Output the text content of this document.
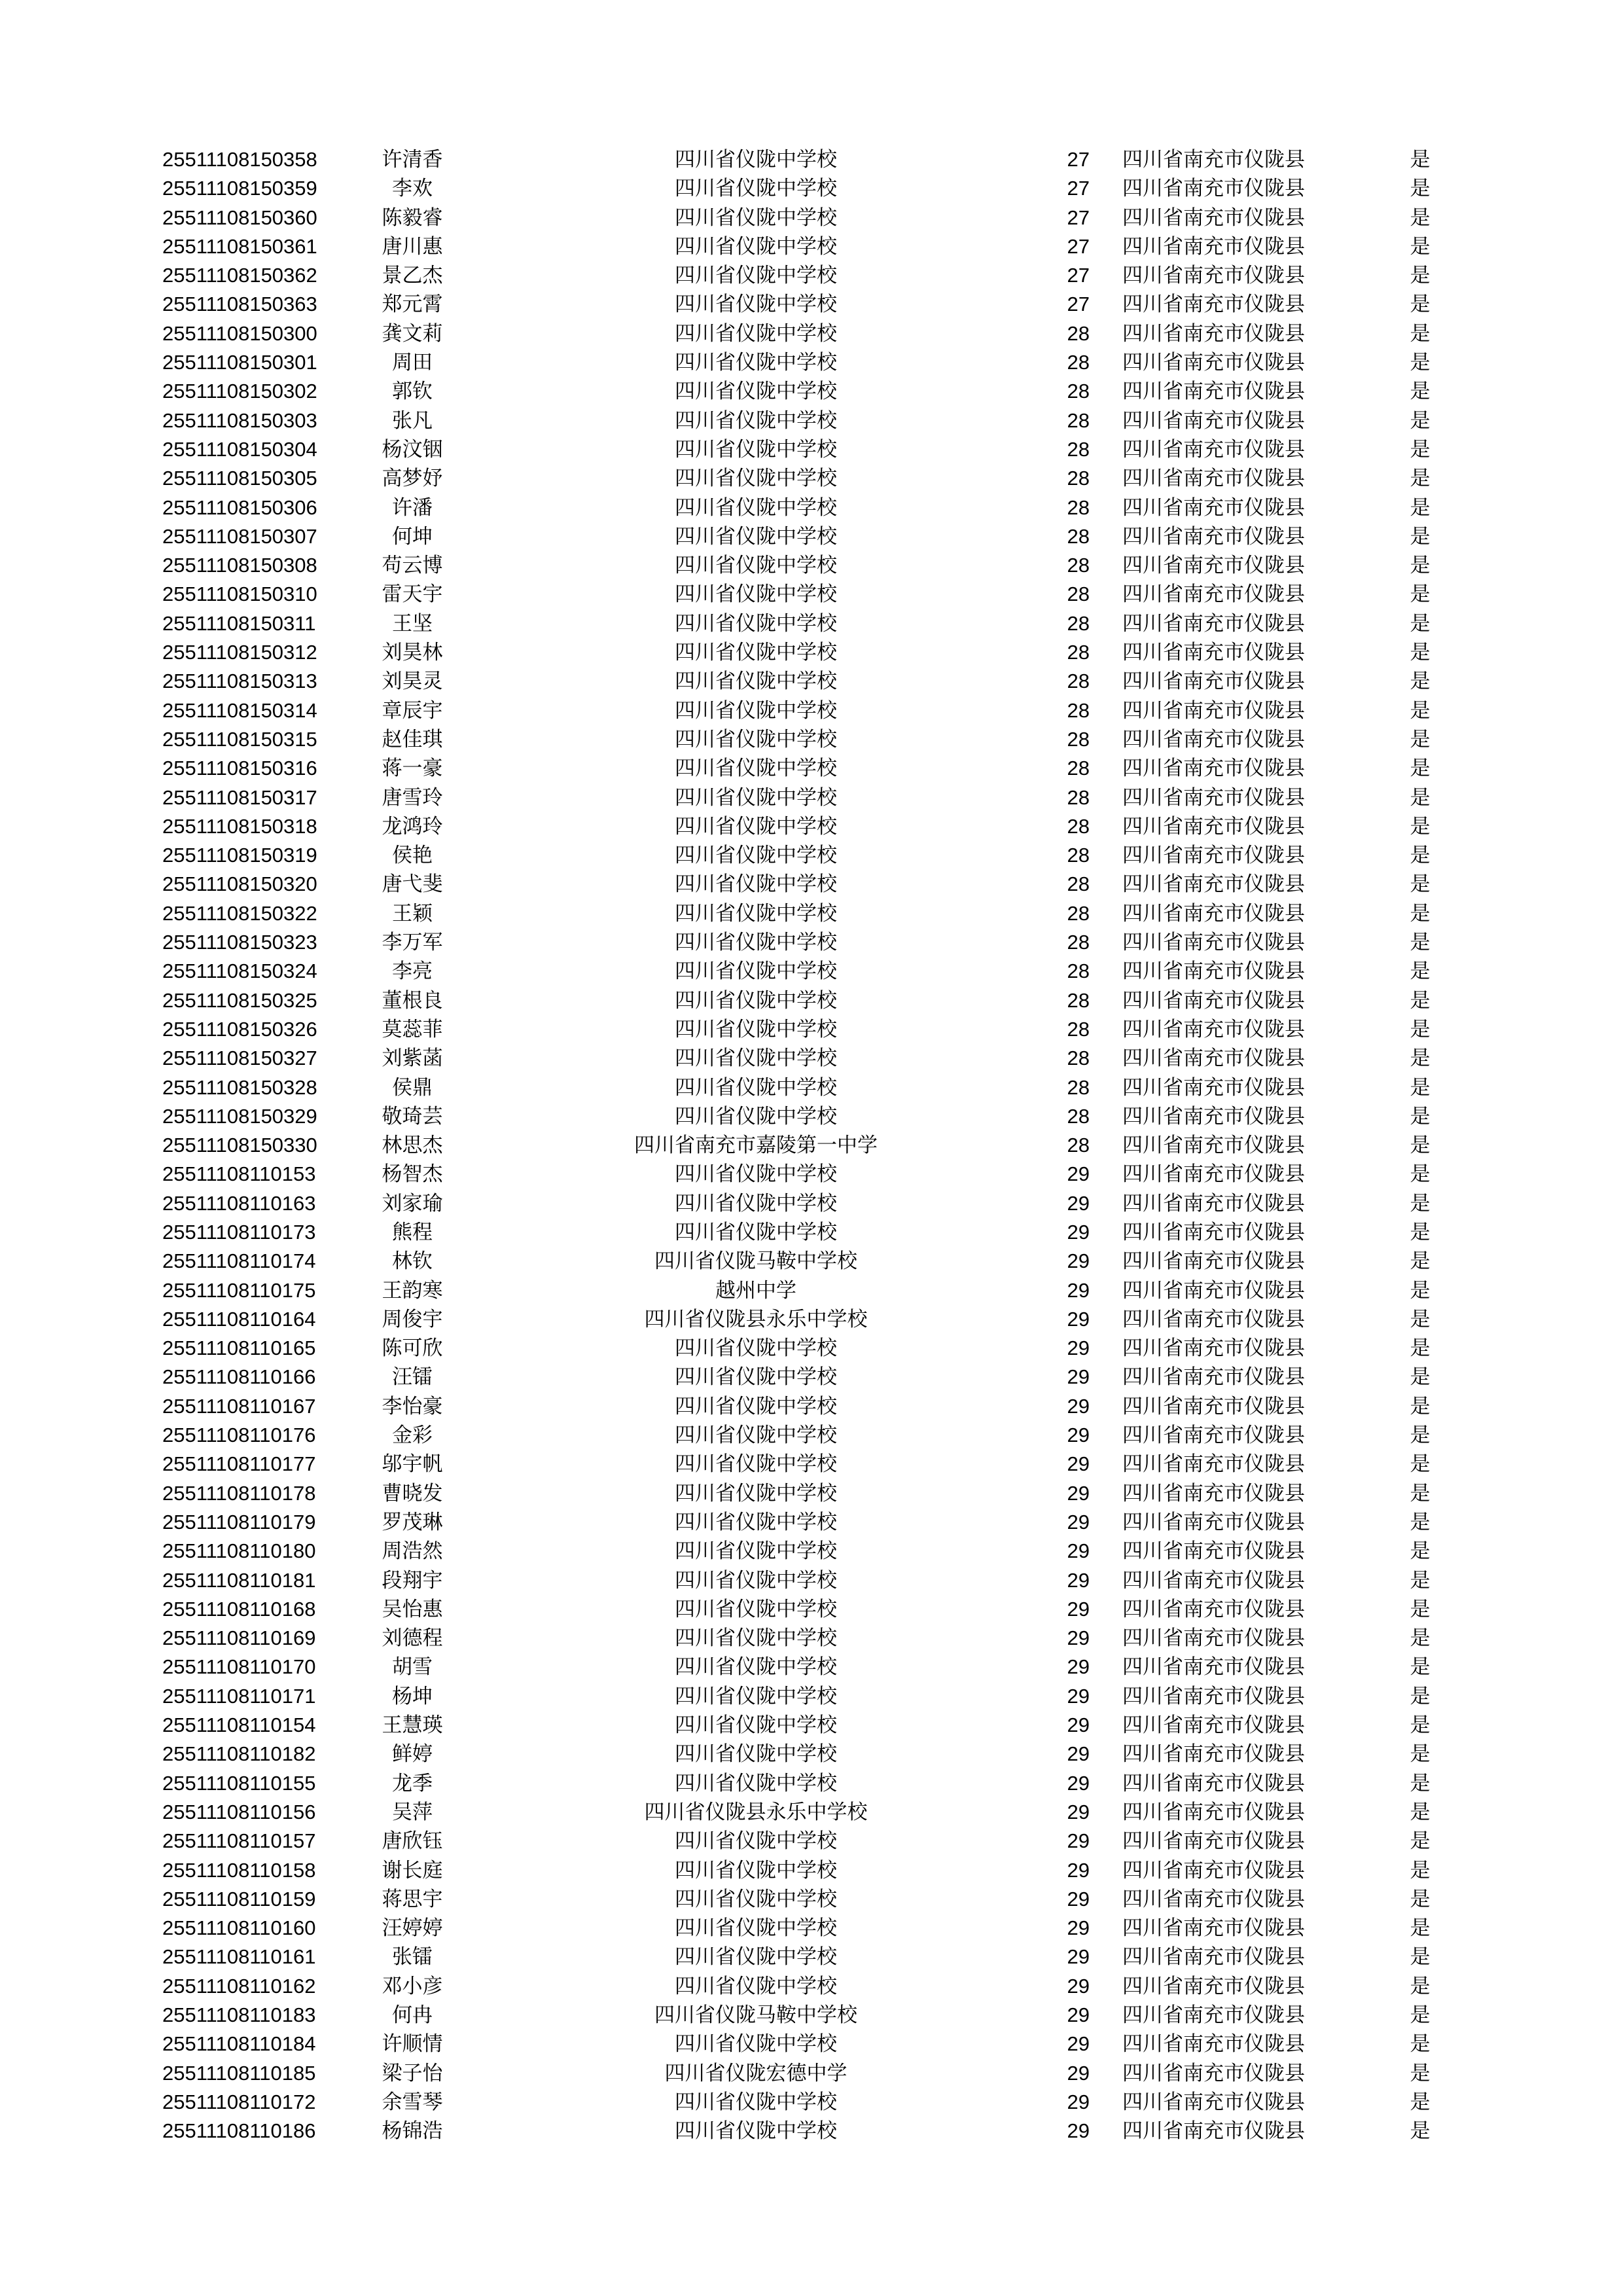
25511108150358	许清香	四川省仪陇中学校	27 四川省南充市仪陇县	是
25511108150359	李欢	四川省仪陇中学校	27 四川省南充市仪陇县	是
25511108150360	陈毅睿	四川省仪陇中学校	27 四川省南充市仪陇县	是
25511108150361	唐川惠	四川省仪陇中学校	27 四川省南充市仪陇县	是
25511108150362	景乙杰	四川省仪陇中学校	27 四川省南充市仪陇县	是
25511108150363	郑元霄	四川省仪陇中学校	27 四川省南充市仪陇县	是
25511108150300	龚文莉	四川省仪陇中学校	28 四川省南充市仪陇县	是
25511108150301	周田	四川省仪陇中学校	28 四川省南充市仪陇县	是
25511108150302	郭钦	四川省仪陇中学校	28 四川省南充市仪陇县	是
25511108150303	张凡	四川省仪陇中学校	28 四川省南充市仪陇县	是
25511108150304	杨汶铟	四川省仪陇中学校	28 四川省南充市仪陇县	是
25511108150305	高梦妤	四川省仪陇中学校	28 四川省南充市仪陇县	是
25511108150306	许潘	四川省仪陇中学校	28 四川省南充市仪陇县	是
25511108150307	何坤	四川省仪陇中学校	28 四川省南充市仪陇县	是
25511108150308	苟云博	四川省仪陇中学校	28 四川省南充市仪陇县	是
25511108150310	雷天宇	四川省仪陇中学校	28 四川省南充市仪陇县	是
25511108150311	王坚	四川省仪陇中学校	28 四川省南充市仪陇县	是
25511108150312	刘昊林	四川省仪陇中学校	28 四川省南充市仪陇县	是
25511108150313	刘昊灵	四川省仪陇中学校	28 四川省南充市仪陇县	是
25511108150314	章辰宇	四川省仪陇中学校	28 四川省南充市仪陇县	是
25511108150315	赵佳琪	四川省仪陇中学校	28 四川省南充市仪陇县	是
25511108150316	蒋一豪	四川省仪陇中学校	28 四川省南充市仪陇县	是
25511108150317	唐雪玲	四川省仪陇中学校	28 四川省南充市仪陇县	是
25511108150318	龙鸿玲	四川省仪陇中学校	28 四川省南充市仪陇县	是
25511108150319	侯艳	四川省仪陇中学校	28 四川省南充市仪陇县	是
25511108150320	唐弋斐	四川省仪陇中学校	28 四川省南充市仪陇县	是
25511108150322	王颖	四川省仪陇中学校	28 四川省南充市仪陇县	是
25511108150323	李万军	四川省仪陇中学校	28 四川省南充市仪陇县	是
25511108150324	李亮	四川省仪陇中学校	28 四川省南充市仪陇县	是
25511108150325	董根良	四川省仪陇中学校	28 四川省南充市仪陇县	是
25511108150326	莫蕊菲	四川省仪陇中学校	28 四川省南充市仪陇县	是
25511108150327	刘紫菡	四川省仪陇中学校	28 四川省南充市仪陇县	是
25511108150328	侯鼎	四川省仪陇中学校	28 四川省南充市仪陇县	是
25511108150329	敬琦芸	四川省仪陇中学校	28 四川省南充市仪陇县	是
25511108150330	林思杰	四川省南充市嘉陵第一中学	28 四川省南充市仪陇县	是
25511108110153	杨智杰	四川省仪陇中学校	29 四川省南充市仪陇县	是
25511108110163	刘家瑜	四川省仪陇中学校	29 四川省南充市仪陇县	是
25511108110173	熊程	四川省仪陇中学校	29 四川省南充市仪陇县	是
25511108110174	林钦	四川省仪陇马鞍中学校	29 四川省南充市仪陇县	是
25511108110175	王韵寒	越州中学	29 四川省南充市仪陇县	是
25511108110164	周俊宇	四川省仪陇县永乐中学校	29 四川省南充市仪陇县	是
25511108110165	陈可欣	四川省仪陇中学校	29 四川省南充市仪陇县	是
25511108110166	汪镭	四川省仪陇中学校	29 四川省南充市仪陇县	是
25511108110167	李怡豪	四川省仪陇中学校	29 四川省南充市仪陇县	是
25511108110176	金彩	四川省仪陇中学校	29 四川省南充市仪陇县	是
25511108110177	邬宇帆	四川省仪陇中学校	29 四川省南充市仪陇县	是
25511108110178	曹晓发	四川省仪陇中学校	29 四川省南充市仪陇县	是
25511108110179	罗茂琳	四川省仪陇中学校	29 四川省南充市仪陇县	是
25511108110180	周浩然	四川省仪陇中学校	29 四川省南充市仪陇县	是
25511108110181	段翔宇	四川省仪陇中学校	29 四川省南充市仪陇县	是
25511108110168	吴怡惠	四川省仪陇中学校	29 四川省南充市仪陇县	是
25511108110169	刘德程	四川省仪陇中学校	29 四川省南充市仪陇县	是
25511108110170	胡雪	四川省仪陇中学校	29 四川省南充市仪陇县	是
25511108110171	杨坤	四川省仪陇中学校	29 四川省南充市仪陇县	是
25511108110154	王慧瑛	四川省仪陇中学校	29 四川省南充市仪陇县	是
25511108110182	鲜婷	四川省仪陇中学校	29 四川省南充市仪陇县	是
25511108110155	龙季	四川省仪陇中学校	29 四川省南充市仪陇县	是
25511108110156	吴萍	四川省仪陇县永乐中学校	29 四川省南充市仪陇县	是
25511108110157	唐欣钰	四川省仪陇中学校	29 四川省南充市仪陇县	是
25511108110158	谢长庭	四川省仪陇中学校	29 四川省南充市仪陇县	是
25511108110159	蒋思宇	四川省仪陇中学校	29 四川省南充市仪陇县	是
25511108110160	汪婷婷	四川省仪陇中学校	29 四川省南充市仪陇县	是
25511108110161	张镭	四川省仪陇中学校	29 四川省南充市仪陇县	是
25511108110162	邓小彦	四川省仪陇中学校	29 四川省南充市仪陇县	是
25511108110183	何冉	四川省仪陇马鞍中学校	29 四川省南充市仪陇县	是
25511108110184	许顺情	四川省仪陇中学校	29 四川省南充市仪陇县	是
25511108110185	梁子怡	四川省仪陇宏德中学	29 四川省南充市仪陇县	是
25511108110172	余雪琴	四川省仪陇中学校	29 四川省南充市仪陇县	是
25511108110186	杨锦浩	四川省仪陇中学校	29 四川省南充市仪陇县	是
